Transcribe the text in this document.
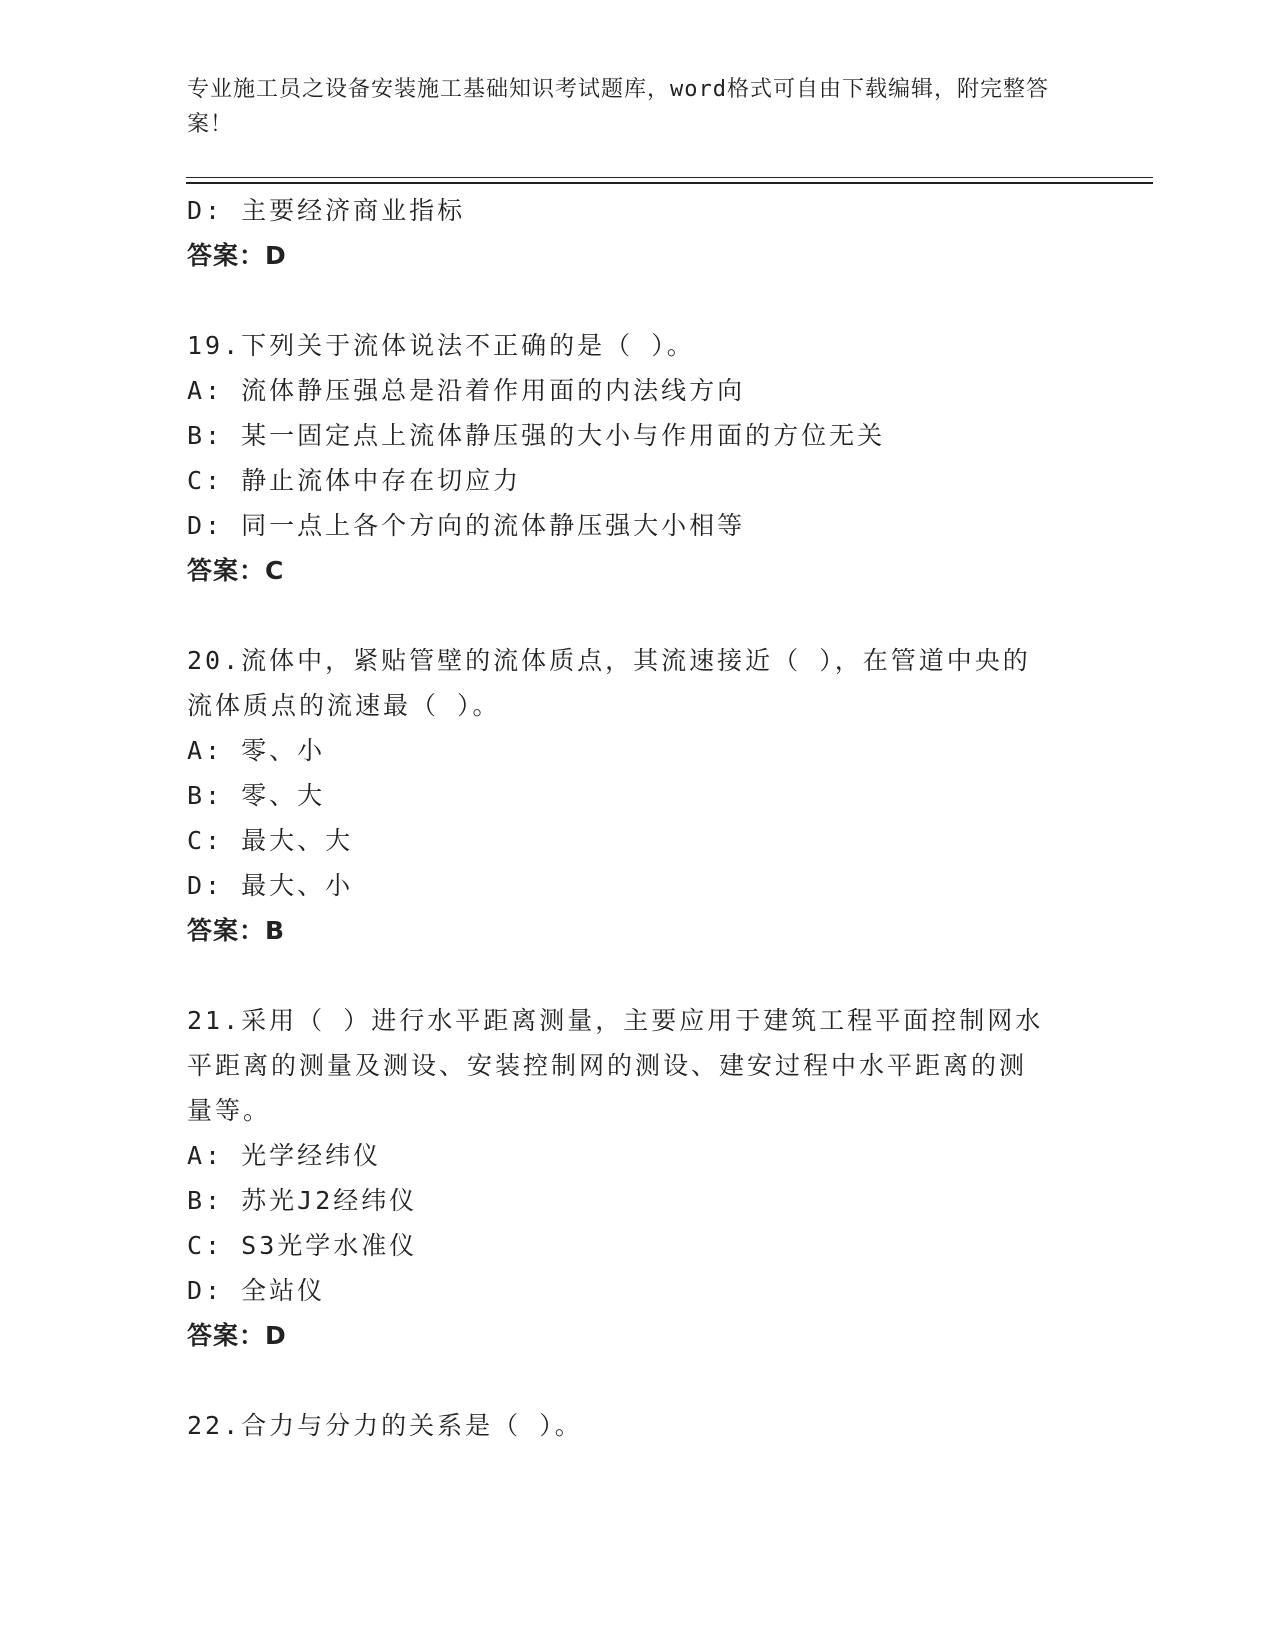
专业施工员之设备安装施工基础知识考试题库，word格式可自由下载编辑，附完整答案！
D: 主要经济商业指标
答案：D
19.下列关于流体说法不正确的是（ ）。
A: 流体静压强总是沿着作用面的内法线方向
B: 某一固定点上流体静压强的大小与作用面的方位无关
C: 静止流体中存在切应力
D: 同一点上各个方向的流体静压强大小相等
答案：C
20.流体中，紧贴管壁的流体质点，其流速接近（ ），在管道中央的流体质点的流速最（ ）。
A: 零、小
B: 零、大
C: 最大、大
D: 最大、小
答案：B
21.采用（ ）进行水平距离测量，主要应用于建筑工程平面控制网水平距离的测量及测设、安装控制网的测设、建安过程中水平距离的测量等。
A: 光学经纬仪
B: 苏光J2经纬仪
C: S3光学水准仪
D: 全站仪
答案：D
22.合力与分力的关系是（ ）。
